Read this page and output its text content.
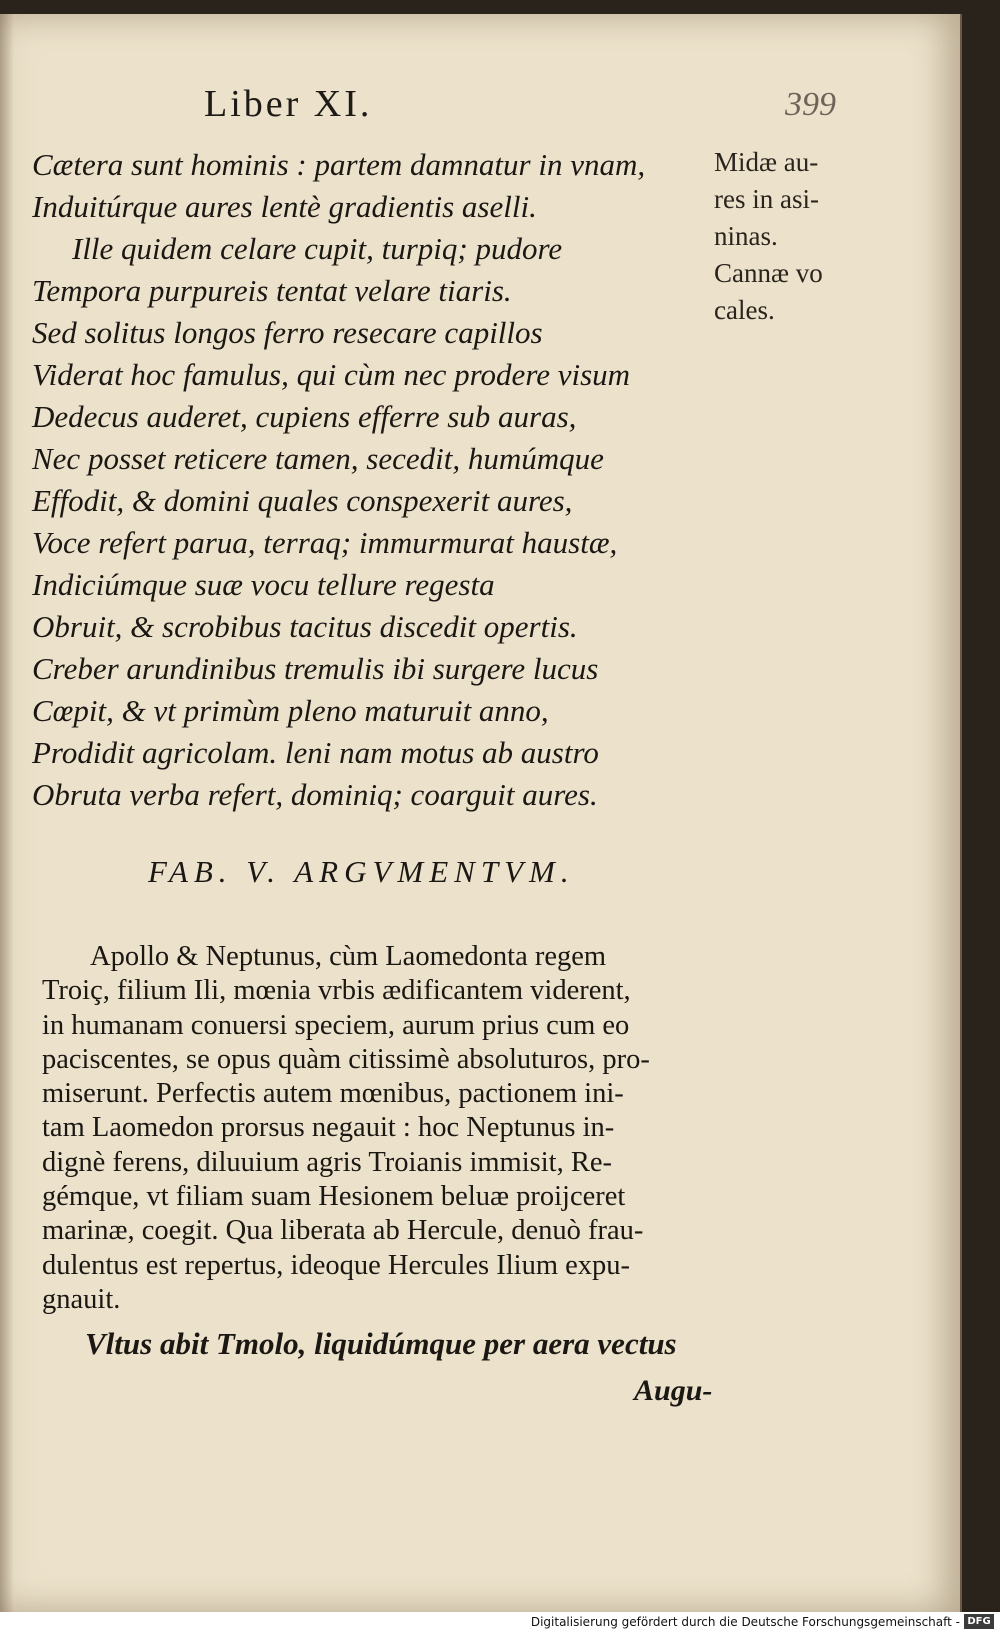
Liber XI.	399
Cætera sunt hominis : partem damnatur in vnam,
Induitúrque aures lentè gradientis aselli.
Ille quidem celare cupit, turpiq; pudore
Tempora purpureis tentat velare tiaris.
Sed solitus longos ferro resecare capillos
Viderat hoc famulus, qui cùm nec prodere visum
Dedecus auderet, cupiens efferre sub auras,
Nec posset reticere tamen, secedit, humúmque
Effodit, & domini quales conspexerit aures,
Voce refert parua, terraq; immurmurat haustæ,
Indiciúmque suæ vocu tellure regesta
Obruit, & scrobibus tacitus discedit opertis.
Creber arundinibus tremulis ibi surgere lucus
Cœpit, & vt primùm pleno maturuit anno,
Prodidit agricolam. leni nam motus ab austro
Obruta verba refert, dominiq; coarguit aures.
Midæ au-
res in asi-
ninas.
Cannæ vo
cales.
FAB. V. ARGVMENTVM.
Apollo & Neptunus, cùm Laomedonta regem
Troiç, filium Ili, mœnia vrbis ædificantem viderent,
in humanam conuersi speciem, aurum prius cum eo
paciscentes, se opus quàm citissimè absoluturos, pro-
miserunt. Perfectis autem mœnibus, pactionem ini-
tam Laomedon prorsus negauit : hoc Neptunus in-
dignè ferens, diluuium agris Troianis immisit, Re-
gémque, vt filiam suam Hesionem beluæ proijceret
marinæ, coegit. Qua liberata ab Hercule, denuò frau-
dulentus est repertus, ideoque Hercules Ilium expu-
gnauit.
Vltus abit Tmolo, liquidúmque per aera vectus
Augu-
Digitalisierung gefördert durch die Deutsche Forschungsgemeinschaft - DFG
